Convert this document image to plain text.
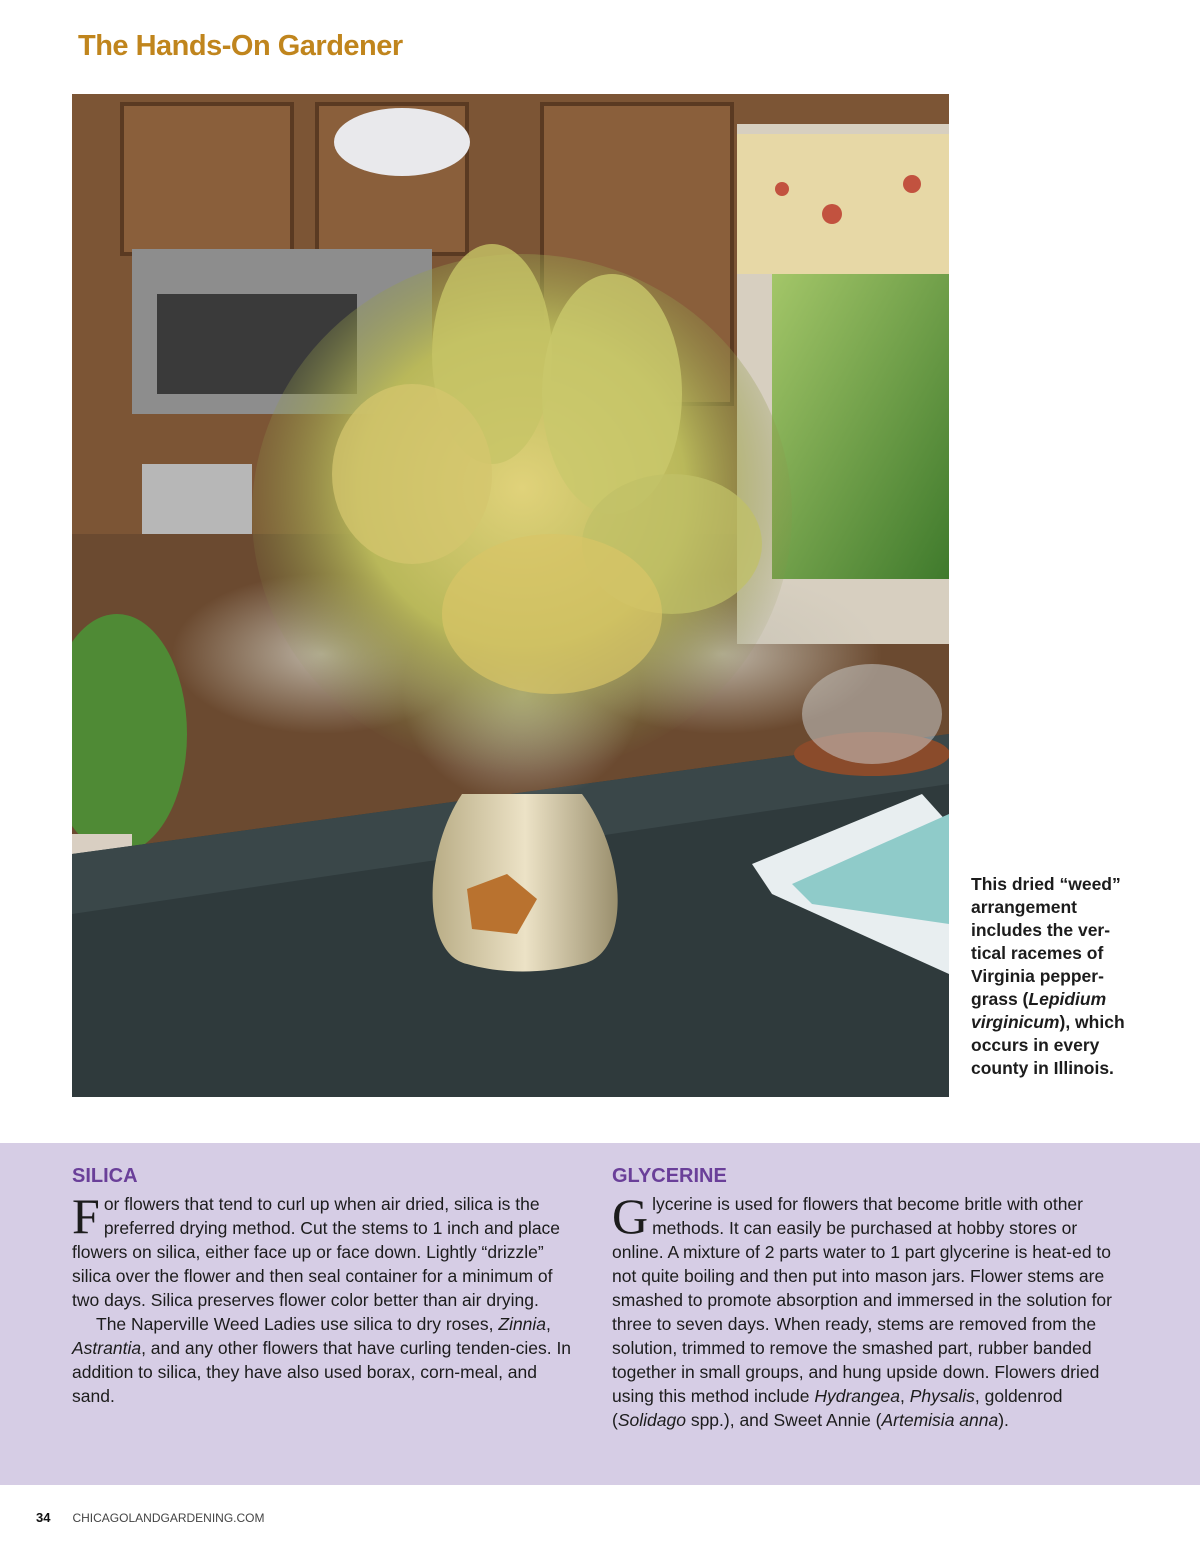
The Hands-On Gardener

This dried “weed” arrangement includes the ver-tical racemes of Virginia pepper-grass (Lepidium virginicum), which occurs in every county in Illinois.

SILICA

For flowers that tend to curl up when air dried, silica is the preferred drying method. Cut the stems to 1 inch and place flowers on silica, either face up or face down. Lightly “drizzle” silica over the flower and then seal container for a minimum of two days. Silica preserves flower color better than air drying.

The Naperville Weed Ladies use silica to dry roses, Zinnia, Astrantia, and any other flowers that have curling tenden-cies. In addition to silica, they have also used borax, corn-meal, and sand.

GLYCERINE

Glycerine is used for flowers that become britle with other methods. It can easily be purchased at hobby stores or online. A mixture of 2 parts water to 1 part glycerine is heat-ed to not quite boiling and then put into mason jars. Flower stems are smashed to promote absorption and immersed in the solution for three to seven days. When ready, stems are removed from the solution, trimmed to remove the smashed part, rubber banded together in small groups, and hung upside down. Flowers dried using this method include Hydrangea, Physalis, goldenrod (Solidago spp.), and Sweet Annie (Artemisia anna).

34 CHICAGOLANDGARDENING.COM
